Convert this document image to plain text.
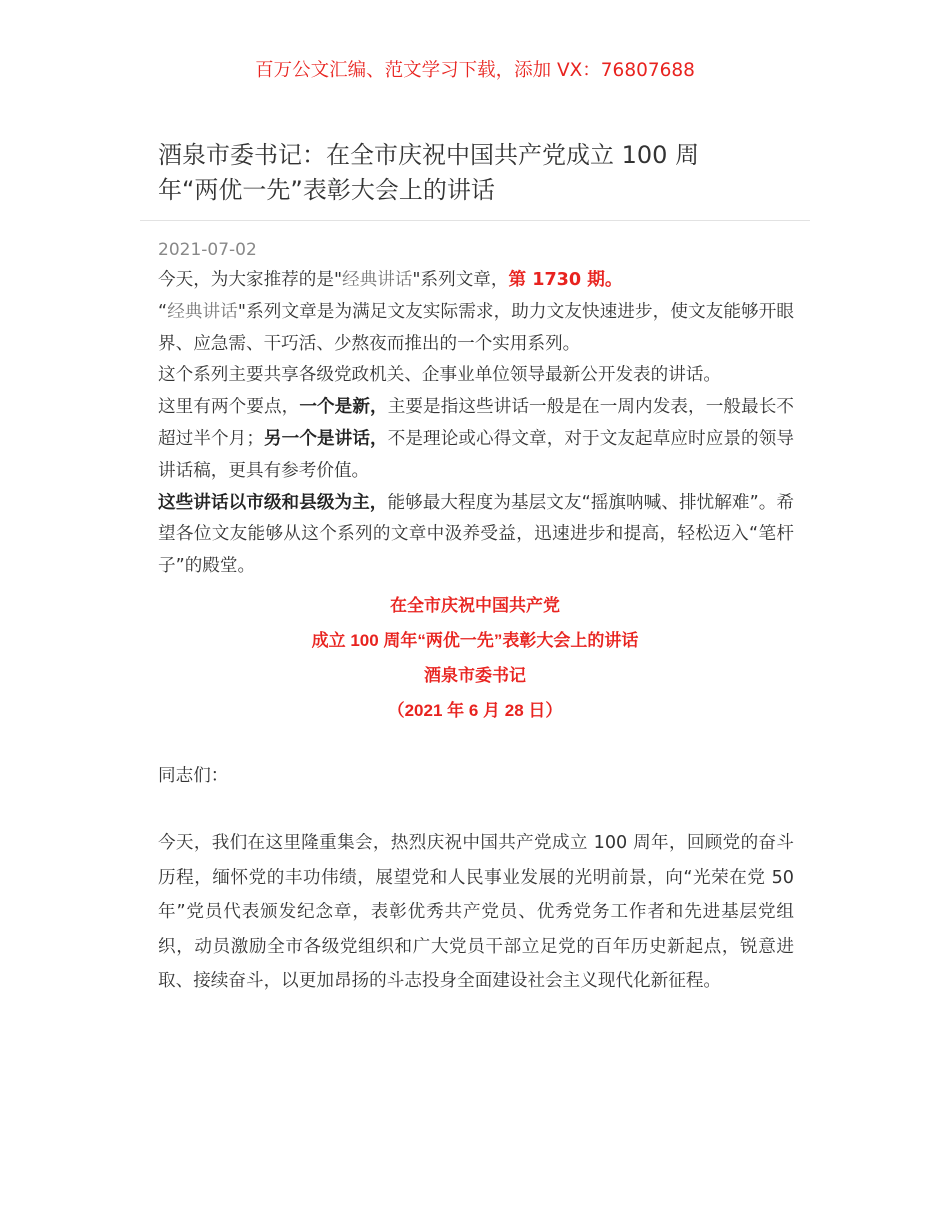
百万公文汇编、范文学习下载，添加 VX：76807688
酒泉市委书记：在全市庆祝中国共产党成立 100 周年“两优一先”表彰大会上的讲话
2021-07-02

今天，为大家推荐的是"经典讲话"系列文章，第 1730 期。

“经典讲话"系列文章是为满足文友实际需求，助力文友快速进步，使文友能够开眼界、应急需、干巧活、少熬夜而推出的一个实用系列。

这个系列主要共享各级党政机关、企事业单位领导最新公开发表的讲话。

这里有两个要点，一个是新，主要是指这些讲话一般是在一周内发表，一般最长不超过半个月；另一个是讲话，不是理论或心得文章，对于文友起草应时应景的领导讲话稿，更具有参考价值。

这些讲话以市级和县级为主，能够最大程度为基层文友“摇旗呐喊、排忧解难”。希望各位文友能够从这个系列的文章中汲养受益，迅速进步和提高，轻松迈入“笔杆子”的殿堂。

在全市庆祝中国共产党
成立 100 周年“两优一先”表彰大会上的讲话
酒泉市委书记
（2021 年 6 月 28 日）
同志们：

今天，我们在这里隆重集会，热烈庆祝中国共产党成立 100 周年，回顾党的奋斗历程，缅怀党的丰功伟绩，展望党和人民事业发展的光明前景，向“光荣在党 50 年”党员代表颁发纪念章，表彰优秀共产党员、优秀党务工作者和先进基层党组织，动员激励全市各级党组织和广大党员干部立足党的百年历史新起点，锐意进取、接续奋斗，以更加昂扬的斗志投身全面建设社会主义现代化新征程。
